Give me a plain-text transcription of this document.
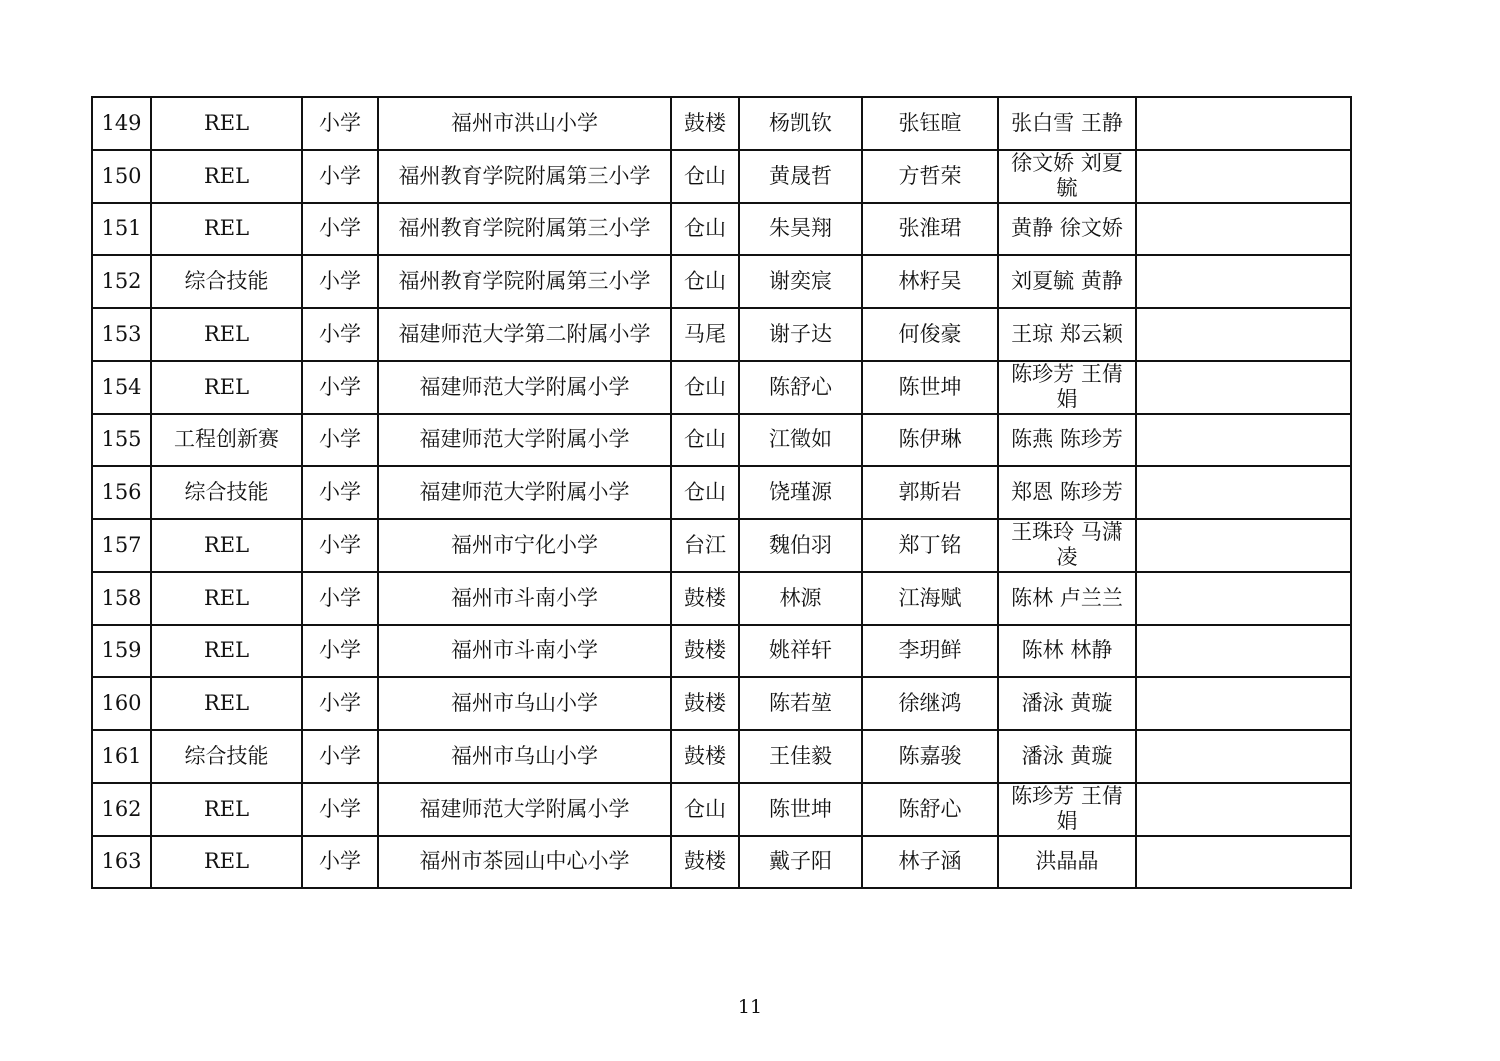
149	REL	小学	福州市洪山小学	鼓楼	杨凯钦	张钰暄	张白雪 王静	
150	REL	小学	福州教育学院附属第三小学	仓山	黄晟哲	方哲荣	徐文娇 刘夏毓	
151	REL	小学	福州教育学院附属第三小学	仓山	朱昊翔	张淮珺	黄静 徐文娇	
152	综合技能	小学	福州教育学院附属第三小学	仓山	谢奕宸	林籽吴	刘夏毓 黄静	
153	REL	小学	福建师范大学第二附属小学	马尾	谢子达	何俊豪	王琼 郑云颖	
154	REL	小学	福建师范大学附属小学	仓山	陈舒心	陈世坤	陈珍芳 王倩娟	
155	工程创新赛	小学	福建师范大学附属小学	仓山	江徵如	陈伊琳	陈燕 陈珍芳	
156	综合技能	小学	福建师范大学附属小学	仓山	饶瑾源	郭斯岩	郑恩 陈珍芳	
157	REL	小学	福州市宁化小学	台江	魏伯羽	郑丁铭	王珠玲 马潇凌	
158	REL	小学	福州市斗南小学	鼓楼	林源	江海赋	陈林 卢兰兰	
159	REL	小学	福州市斗南小学	鼓楼	姚祥轩	李玥鲜	陈林 林静	
160	REL	小学	福州市乌山小学	鼓楼	陈若堃	徐继鸿	潘泳 黄璇	
161	综合技能	小学	福州市乌山小学	鼓楼	王佳毅	陈嘉骏	潘泳 黄璇	
162	REL	小学	福建师范大学附属小学	仓山	陈世坤	陈舒心	陈珍芳 王倩娟	
163	REL	小学	福州市茶园山中心小学	鼓楼	戴子阳	林子涵	洪晶晶	
11
